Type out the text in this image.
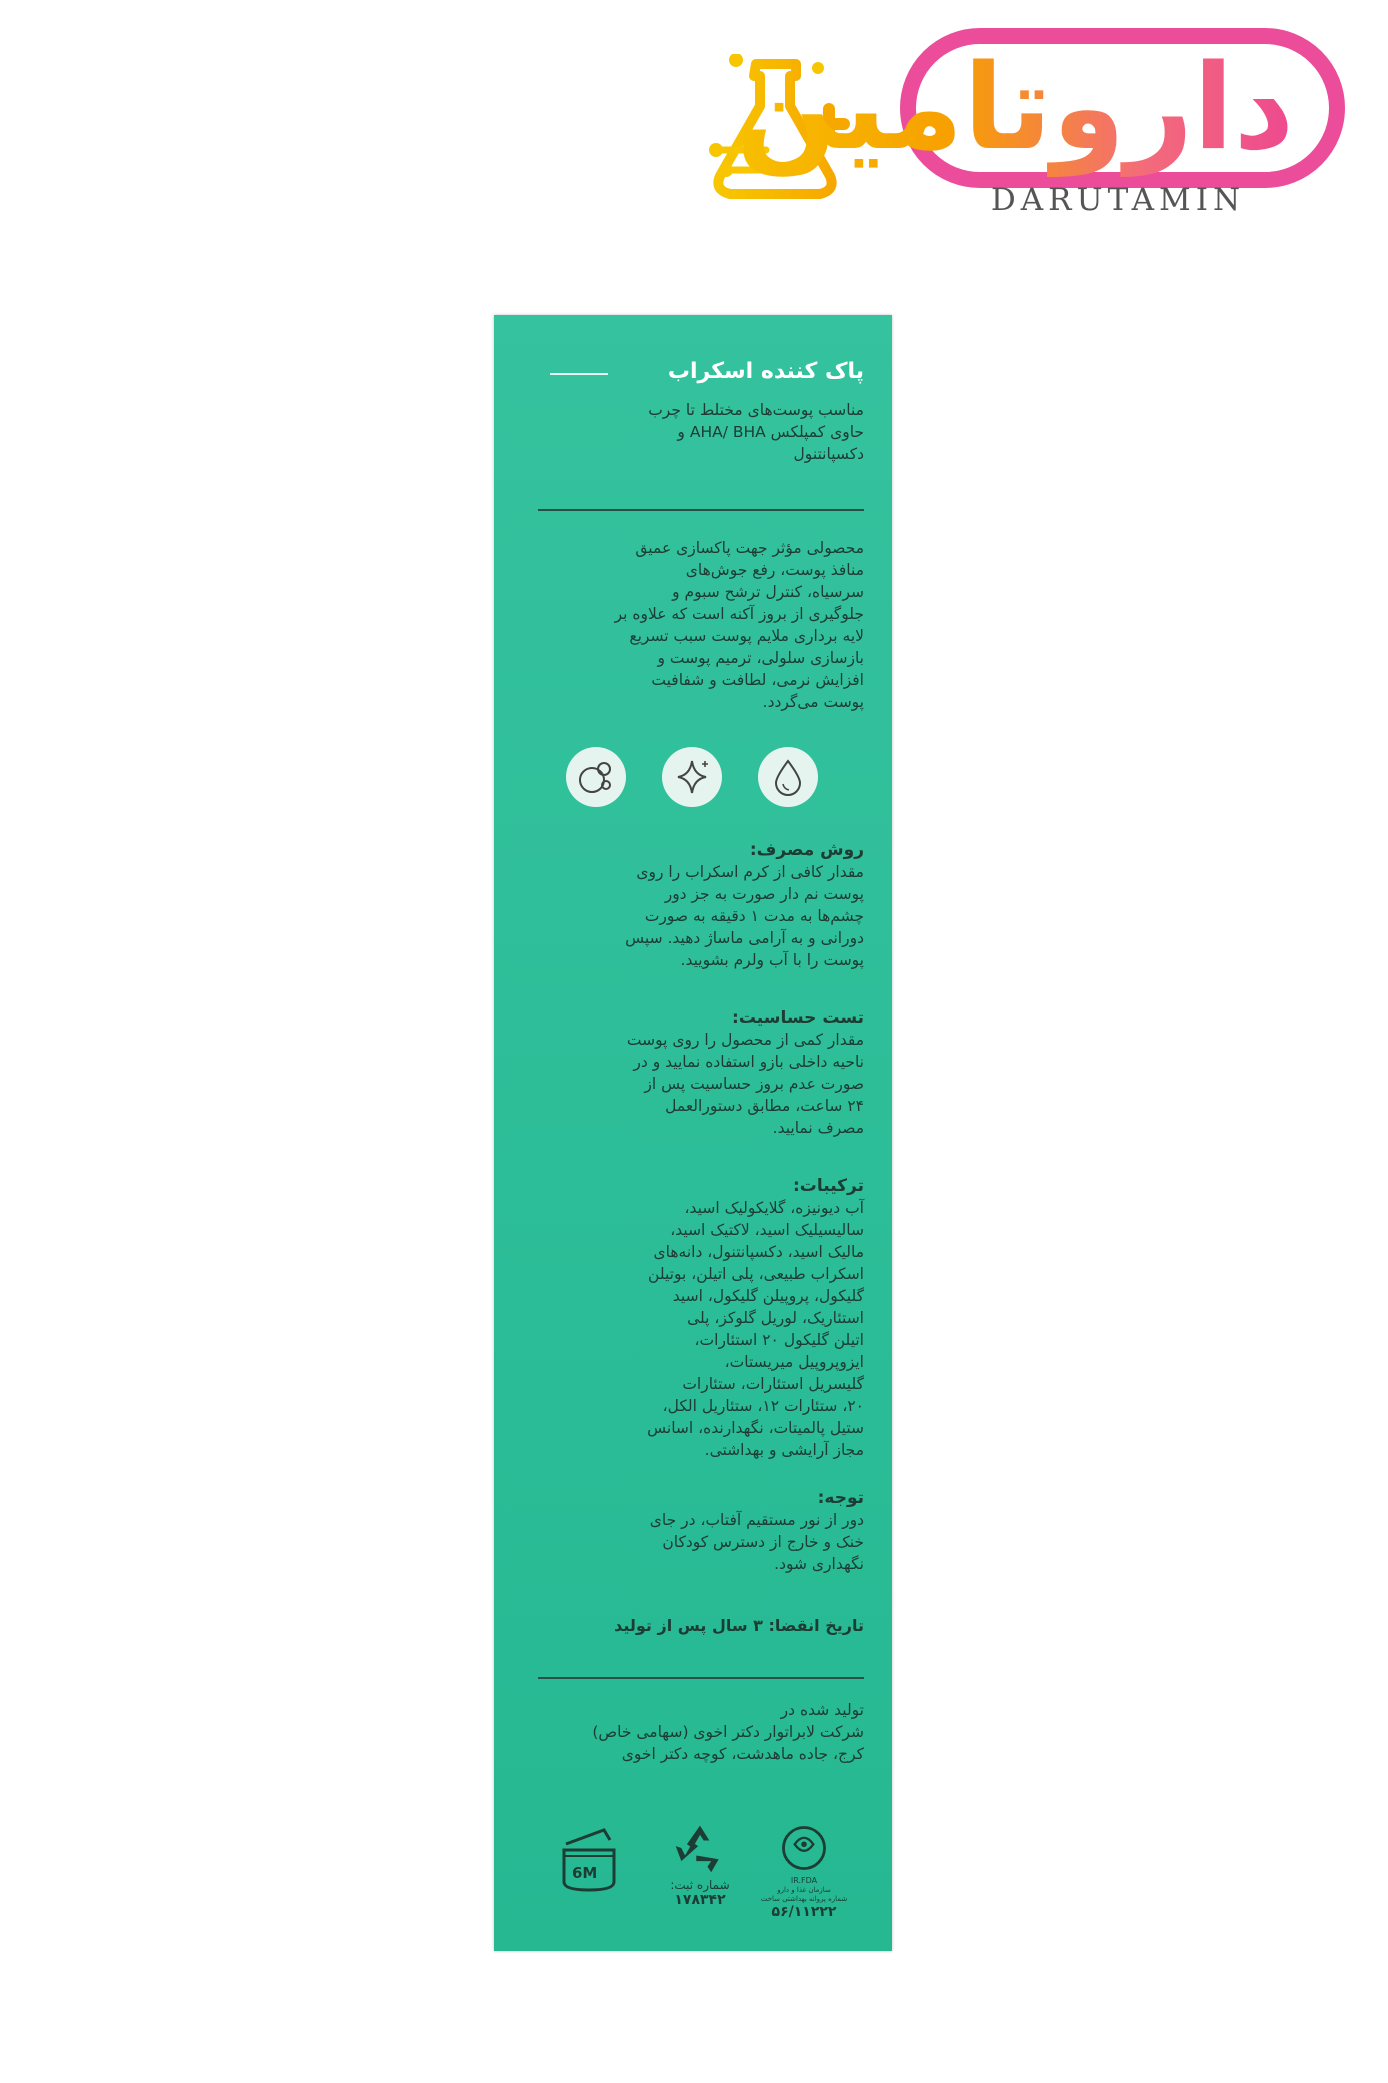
داروتامین
DARUTAMIN
پاک کننده اسکراب
مناسب پوست‌های مختلط تا چرب
حاوی کمپلکس AHA/ BHA و
دکسپانتنول
محصولی مؤثر جهت پاکسازی عمیق
منافذ پوست، رفع جوش‌های
سرسیاه، کنترل ترشح سبوم و
جلوگیری از بروز آکنه است که علاوه بر
لایه برداری ملایم پوست سبب تسریع
بازسازی سلولی، ترمیم پوست و
افزایش نرمی، لطافت و شفافیت
پوست می‌گردد.
روش مصرف:
مقدار کافی از کرم اسکراب را روی
پوست نم دار صورت به جز دور
چشم‌ها به مدت ۱ دقیقه به صورت
دورانی و به آرامی ماساژ دهید. سپس
پوست را با آب ولرم بشویید.
تست حساسیت:
مقدار کمی از محصول را روی پوست
ناحیه داخلی بازو استفاده نمایید و در
صورت عدم بروز حساسیت پس از
۲۴ ساعت، مطابق دستورالعمل
مصرف نمایید.
ترکیبات:
آب دیونیزه، گلایکولیک اسید،
سالیسیلیک اسید، لاکتیک اسید،
مالیک اسید، دکسپانتنول، دانه‌های
اسکراب طبیعی، پلی اتیلن، بوتیلن
گلیکول، پروپیلن گلیکول، اسید
استئاریک، لوریل گلوکز، پلی
اتیلن گلیکول ۲۰ استئارات،
ایزوپروپیل میریستات،
گلیسریل استئارات، ستئارات
۲۰، ستئارات ۱۲، ستئاریل الکل،
ستیل پالمیتات، نگهدارنده، اسانس
مجاز آرایشی و بهداشتی.
توجه:
دور از نور مستقیم آفتاب، در جای
خنک و خارج از دسترس کودکان
نگهداری شود.
تاریخ انقضا: ۳ سال پس از تولید
تولید شده در
شرکت لابراتوار دکتر اخوی (سهامی خاص)
کرج، جاده ماهدشت، کوچه دکتر اخوی
6M
شماره ثبت:
۱۷۸۳۴۲
IR.FDA
سازمان غذا و دارو
شماره پروانه بهداشتی ساخت
۵۶/۱۱۲۲۲
